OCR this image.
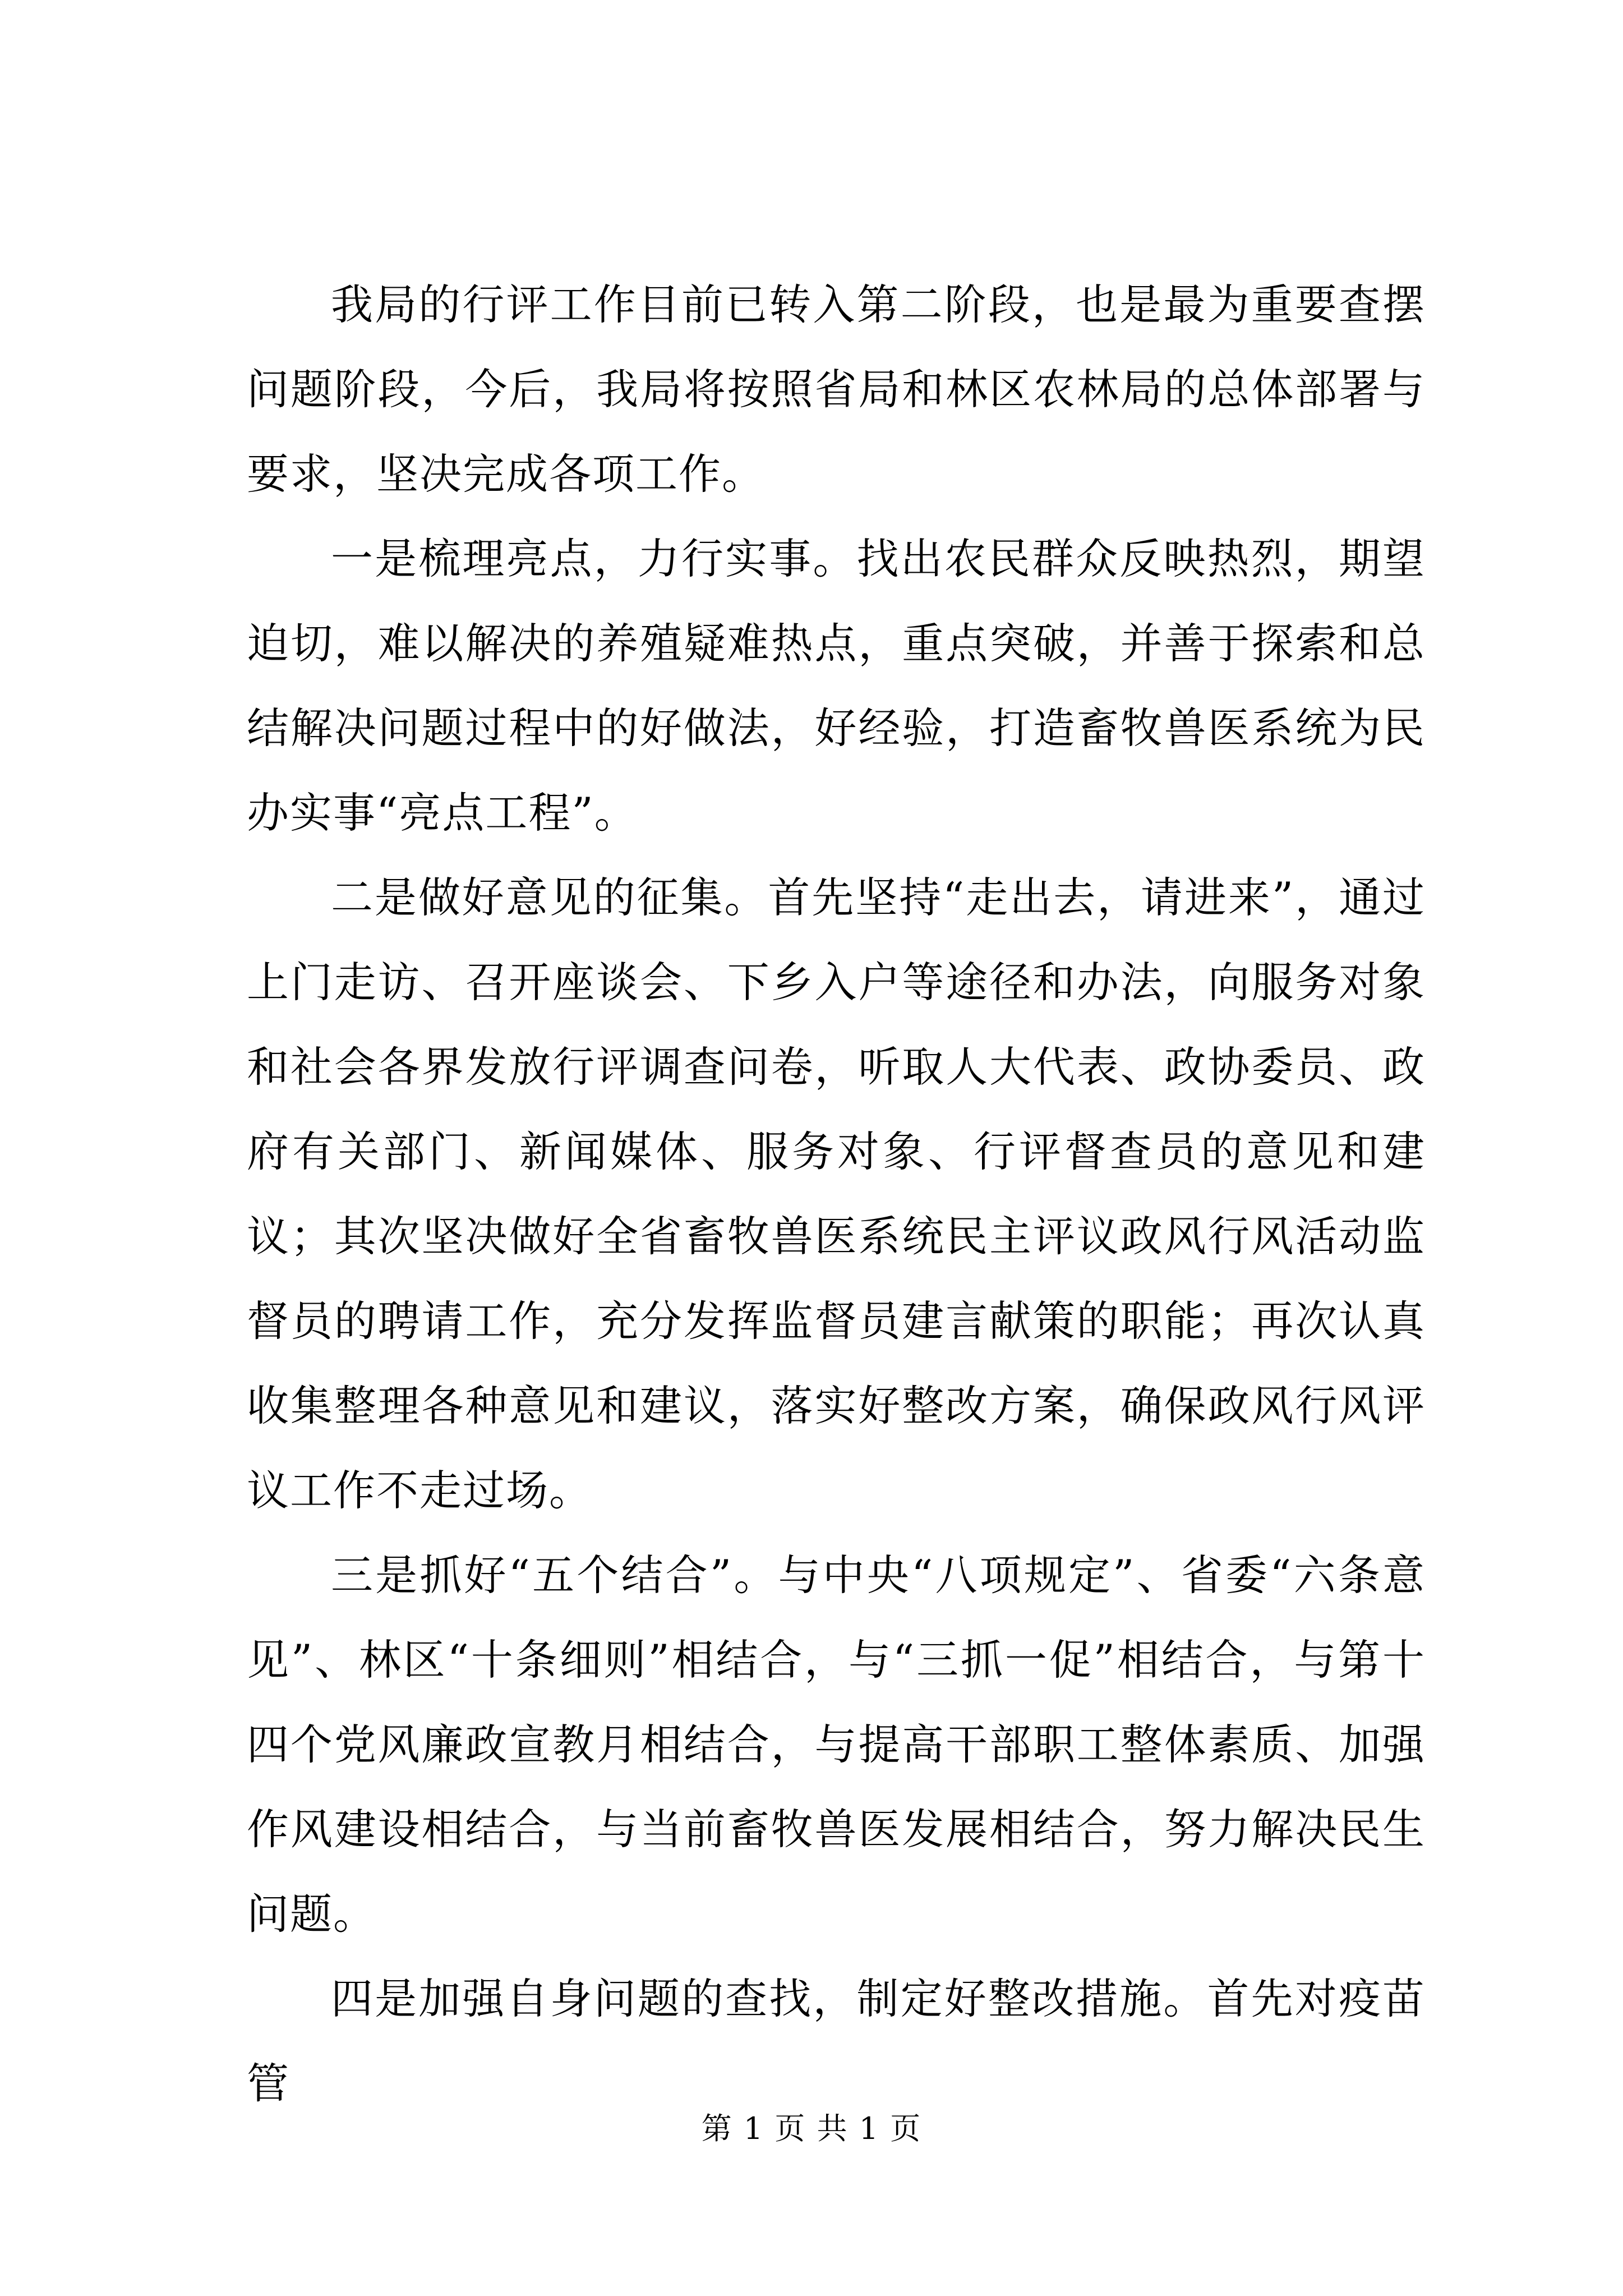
我局的行评工作目前已转入第二阶段，也是最为重要查摆问题阶段，今后，我局将按照省局和林区农林局的总体部署与要求，坚决完成各项工作。

一是梳理亮点，力行实事。找出农民群众反映热烈，期望迫切，难以解决的养殖疑难热点，重点突破，并善于探索和总结解决问题过程中的好做法，好经验，打造畜牧兽医系统为民办实事“亮点工程”。

二是做好意见的征集。首先坚持“走出去，请进来”，通过上门走访、召开座谈会、下乡入户等途径和办法，向服务对象和社会各界发放行评调查问卷，听取人大代表、政协委员、政府有关部门、新闻媒体、服务对象、行评督查员的意见和建议；其次坚决做好全省畜牧兽医系统民主评议政风行风活动监督员的聘请工作，充分发挥监督员建言献策的职能；再次认真收集整理各种意见和建议，落实好整改方案，确保政风行风评议工作不走过场。

三是抓好“五个结合”。与中央“八项规定”、省委“六条意见”、林区“十条细则”相结合，与“三抓一促”相结合，与第十四个党风廉政宣教月相结合，与提高干部职工整体素质、加强作风建设相结合，与当前畜牧兽医发展相结合，努力解决民生问题。

四是加强自身问题的查找，制定好整改措施。首先对疫苗管

第 1 页 共 1 页
